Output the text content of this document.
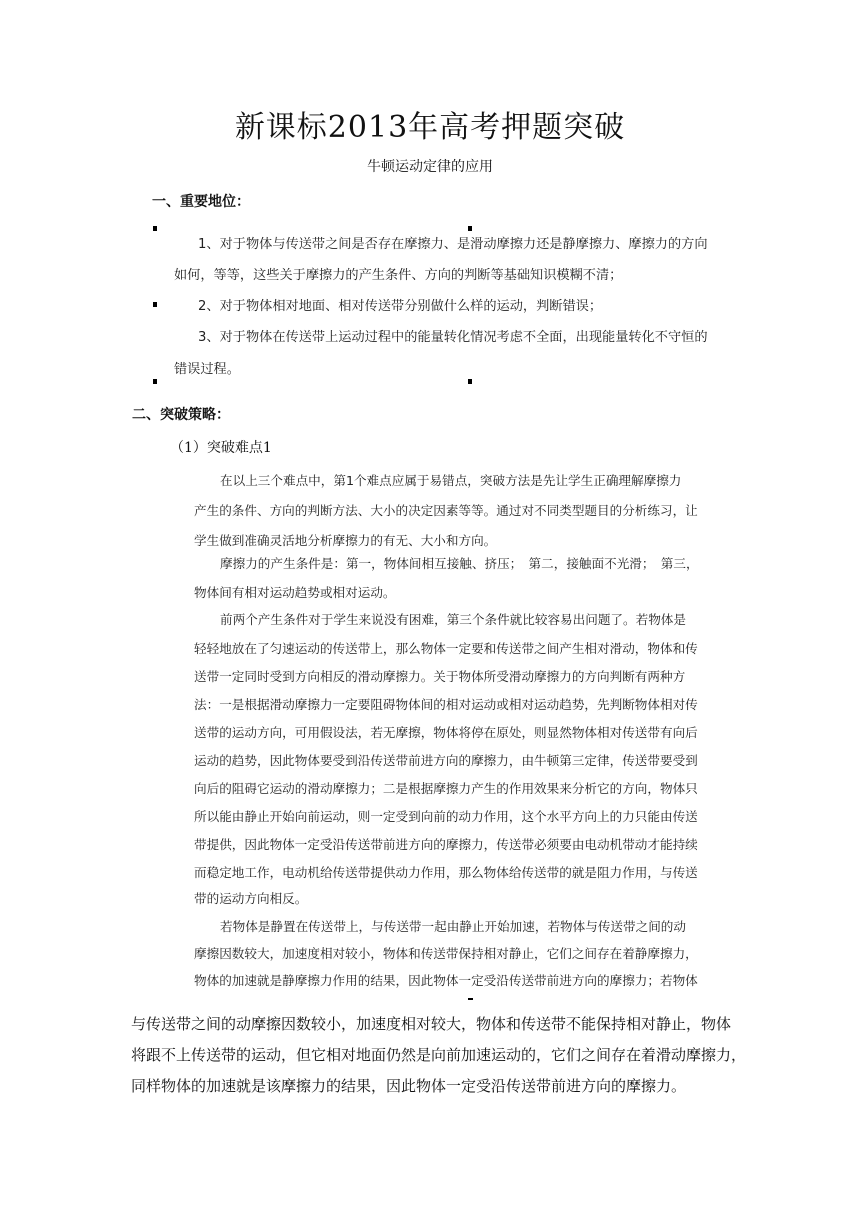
新课标2013年高考押题突破
牛顿运动定律的应用
一、重要地位：
1、对于物体与传送带之间是否存在摩擦力、是滑动摩擦力还是静摩擦力、摩擦力的方向
如何，等等，这些关于摩擦力的产生条件、方向的判断等基础知识模糊不清；
2、对于物体相对地面、相对传送带分别做什么样的运动，判断错误；
3、对于物体在传送带上运动过程中的能量转化情况考虑不全面，出现能量转化不守恒的
错误过程。
二、突破策略：
（1）突破难点1
在以上三个难点中，第1个难点应属于易错点，突破方法是先让学生正确理解摩擦力
产生的条件、方向的判断方法、大小的决定因素等等。通过对不同类型题目的分析练习，让
学生做到准确灵活地分析摩擦力的有无、大小和方向。
摩擦力的产生条件是：第一，物体间相互接触、挤压；　第二，接触面不光滑；　第三，
物体间有相对运动趋势或相对运动。
前两个产生条件对于学生来说没有困难，第三个条件就比较容易出问题了。若物体是
轻轻地放在了匀速运动的传送带上，那么物体一定要和传送带之间产生相对滑动，物体和传
送带一定同时受到方向相反的滑动摩擦力。关于物体所受滑动摩擦力的方向判断有两种方
法：一是根据滑动摩擦力一定要阻碍物体间的相对运动或相对运动趋势，先判断物体相对传
送带的运动方向，可用假设法，若无摩擦，物体将停在原处，则显然物体相对传送带有向后
运动的趋势，因此物体要受到沿传送带前进方向的摩擦力，由牛顿第三定律，传送带要受到
向后的阻碍它运动的滑动摩擦力；二是根据摩擦力产生的作用效果来分析它的方向，物体只
所以能由静止开始向前运动，则一定受到向前的动力作用，这个水平方向上的力只能由传送
带提供，因此物体一定受沿传送带前进方向的摩擦力，传送带必须要由电动机带动才能持续
而稳定地工作，电动机给传送带提供动力作用，那么物体给传送带的就是阻力作用，与传送
带的运动方向相反。
若物体是静置在传送带上，与传送带一起由静止开始加速，若物体与传送带之间的动
摩擦因数较大，加速度相对较小，物体和传送带保持相对静止，它们之间存在着静摩擦力，
物体的加速就是静摩擦力作用的结果，因此物体一定受沿传送带前进方向的摩擦力；若物体
与传送带之间的动摩擦因数较小，加速度相对较大，物体和传送带不能保持相对静止，物体
将跟不上传送带的运动，但它相对地面仍然是向前加速运动的，它们之间存在着滑动摩擦力，
同样物体的加速就是该摩擦力的结果，因此物体一定受沿传送带前进方向的摩擦力。
